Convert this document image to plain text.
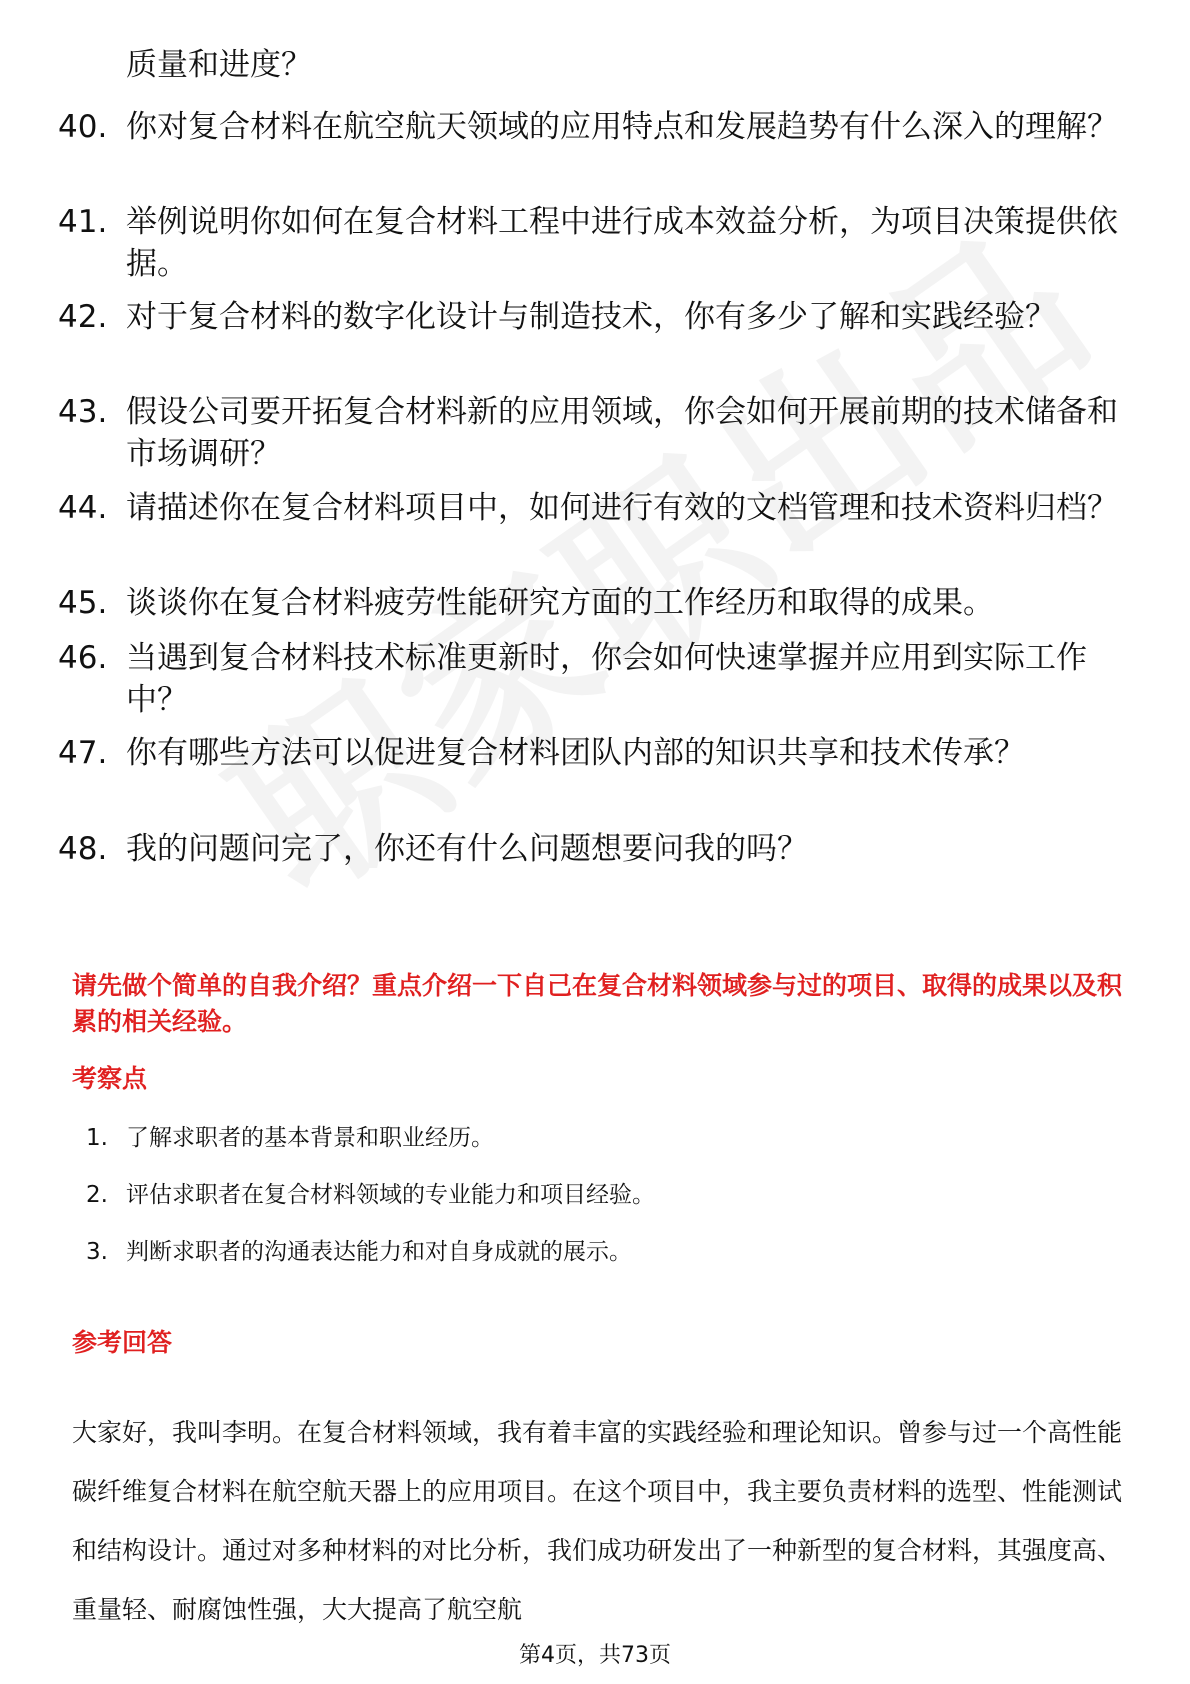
质量和进度？

40. 你对复合材料在航空航天领域的应用特点和发展趋势有什么深入的理解？
41. 举例说明你如何在复合材料工程中进行成本效益分析，为项目决策提供依据。
42. 对于复合材料的数字化设计与制造技术，你有多少了解和实践经验？
43. 假设公司要开拓复合材料新的应用领域，你会如何开展前期的技术储备和市场调研？
44. 请描述你在复合材料项目中，如何进行有效的文档管理和技术资料归档？
45. 谈谈你在复合材料疲劳性能研究方面的工作经历和取得的成果。
46. 当遇到复合材料技术标准更新时，你会如何快速掌握并应用到实际工作中？
47. 你有哪些方法可以促进复合材料团队内部的知识共享和技术传承？
48. 我的问题问完了，你还有什么问题想要问我的吗？

请先做个简单的自我介绍？重点介绍一下自己在复合材料领域参与过的项目、取得的成果以及积累的相关经验。

考察点

1. 了解求职者的基本背景和职业经历。

2. 评估求职者在复合材料领域的专业能力和项目经验。

3. 判断求职者的沟通表达能力和对自身成就的展示。

参考回答

大家好，我叫李明。在复合材料领域，我有着丰富的实践经验和理论知识。曾参与过一个高性能碳纤维复合材料在航空航天器上的应用项目。在这个项目中，我主要负责材料的选型、性能测试和结构设计。通过对多种材料的对比分析，我们成功研发出了一种新型的复合材料，其强度高、重量轻、耐腐蚀性强，大大提高了航空航

第4页，共73页
